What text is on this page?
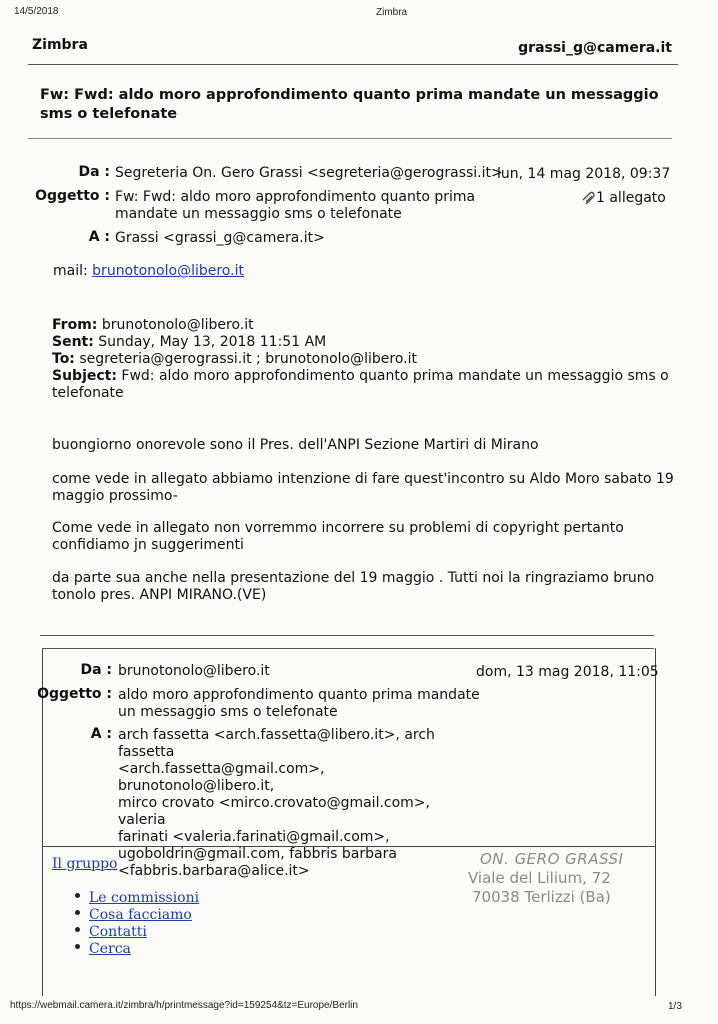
14/5/2018	Zimbra
Zimbra	grassi_g@camera.it
Fw: Fwd: aldo moro approfondimento quanto prima mandate un messaggio sms o telefonate
Da : Segreteria On. Gero Grassi <segreteria@gerograssi.it>
lun, 14 mag 2018, 09:37
Oggetto : Fw: Fwd: aldo moro approfondimento quanto prima
mandate un messaggio sms o telefonate
1 allegato
A : Grassi <grassi_g@camera.it>
mail: brunotonolo@libero.it
From: brunotonolo@libero.it
Sent: Sunday, May 13, 2018 11:51 AM
To: segreteria@gerograssi.it ; brunotonolo@libero.it
Subject: Fwd: aldo moro approfondimento quanto prima mandate un messaggio sms o
telefonate
buongiorno onorevole sono il Pres. dell'ANPI Sezione Martiri di Mirano
come vede in allegato abbiamo intenzione di fare quest'incontro su Aldo Moro sabato 19
maggio prossimo-
Come vede in allegato non vorremmo incorrere su problemi di copyright pertanto
confidiamo jn suggerimenti
da parte sua anche nella presentazione del 19 maggio . Tutti noi la ringraziamo bruno
tonolo pres. ANPI MIRANO.(VE)
Da : brunotonolo@libero.it	dom, 13 mag 2018, 11:05
Oggetto : aldo moro approfondimento quanto prima mandate
un messaggio sms o telefonate
A : arch fassetta <arch.fassetta@libero.it>, arch fassetta
<arch.fassetta@gmail.com>, brunotonolo@libero.it,
mirco crovato <mirco.crovato@gmail.com>, valeria
farinati <valeria.farinati@gmail.com>,
ugoboldrin@gmail.com, fabbris barbara
<fabbris.barbara@alice.it>
Il gruppo
Le commissioni
Cosa facciamo
Contatti
Cerca
ON. GERO GRASSI
Viale del Lilium, 72
70038 Terlizzi (Ba)
https://webmail.camera.it/zimbra/h/printmessage?id=159254&tz=Europe/Berlin	1/3
